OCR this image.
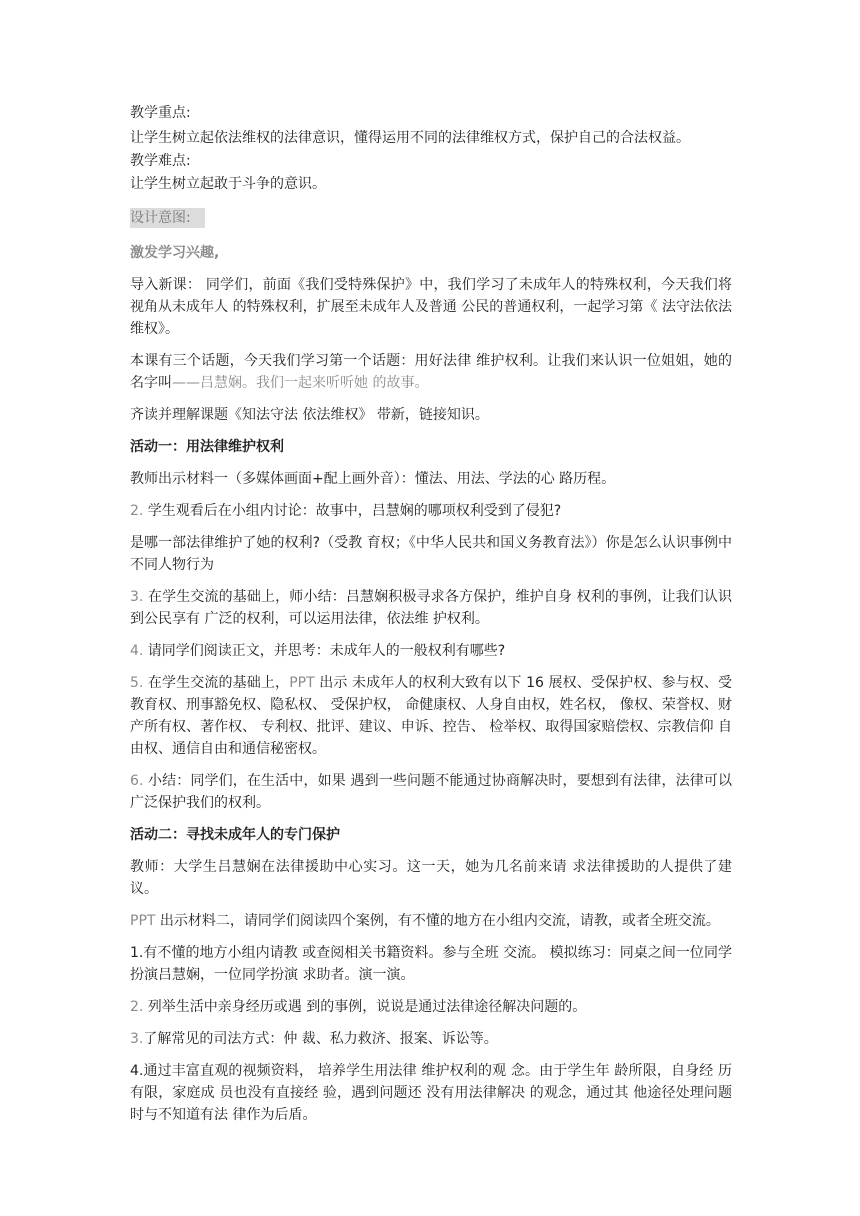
教学重点:

让学生树立起依法维权的法律意识，懂得运用不同的法律维权方式，保护自己的合法权益。

教学难点:

让学生树立起敢于斗争的意识。

设计意图:

激发学习兴趣,

导入新课： 同学们，前面《我们受特殊保护》中，我们学习了未成年人的特殊权利，今天我们将视角从未成年人 的特殊权利，扩展至未成年人及普通 公民的普通权利，一起学习第《 法守法依法维权》。

本课有三个话题，今天我们学习第一个话题：用好法律 维护权利。让我们来认识一位姐姐，她的名字叫——吕慧娴。我们一起来听听她 的故事。

齐读并理解课题《知法守法 依法维权》 带新，链接知识。

活动一：用法律维护权利

教师出示材料一（多媒体画面+配上画外音）：懂法、用法、学法的心 路历程。

2. 学生观看后在小组内讨论：故事中，吕慧娴的哪项权利受到了侵犯?

是哪一部法律维护了她的权利?（受教 育权；《中华人民共和国义务教育法》）你是怎么认识事例中不同人物行为

3. 在学生交流的基础上，师小结：吕慧娴积极寻求各方保护，维护自身 权利的事例，让我们认识到公民享有 广泛的权利，可以运用法律，依法维 护权利。

4. 请同学们阅读正文，并思考：未成年人的一般权利有哪些?

5. 在学生交流的基础上，PPT 出示 未成年人的权利大致有以下 16 展权、受保护权、参与权、受教育权、刑事豁免权、隐私权、 受保护权， 命健康权、人身自由权，姓名权， 像权、荣誉权、财产所有权、著作权、 专利权、批评、建议、申诉、控告、 检举权、取得国家赔偿权、宗教信仰 自由权、通信自由和通信秘密权。

6. 小结：同学们，在生活中，如果 遇到一些问题不能通过协商解决时，要想到有法律，法律可以广泛保护我们的权利。

活动二：寻找未成年人的专门保护

教师：大学生吕慧娴在法律援助中心实习。这一天，她为几名前来请 求法律援助的人提供了建议。

PPT 出示材料二，请同学们阅读四个案例，有不懂的地方在小组内交流，请教，或者全班交流。

1.有不懂的地方小组内请教 或查阅相关书籍资料。参与全班 交流。 模拟练习：同桌之间一位同学扮演吕慧娴，一位同学扮演 求助者。演一演。

2. 列举生活中亲身经历或遇 到的事例，说说是通过法律途径解决问题的。

3.了解常见的司法方式：仲 裁、私力救济、报案、诉讼等。

4.通过丰富直观的视频资料， 培养学生用法律 维护权利的观 念。由于学生年 龄所限，自身经 历有限，家庭成 员也没有直接经 验，遇到问题还 没有用法律解决 的观念，通过其 他途径处理问题 时与不知道有法 律作为后盾。
